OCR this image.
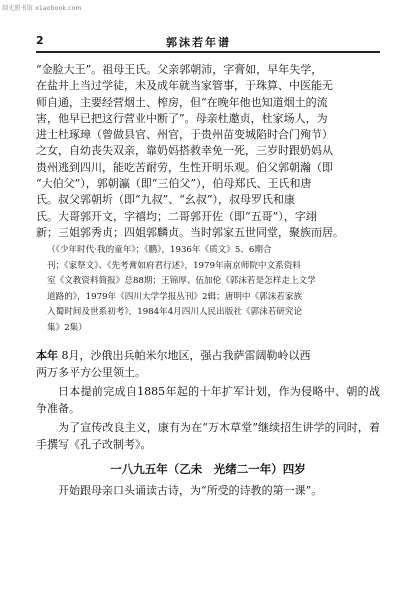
制光照书馆 x1aobook.com
2	郭沫若年谱

“金脸大王”。祖母王氏。父亲郭朝沛，字膏如，早年失学，

在盐井上当过学徒，未及成年就当家管事，于珠算、中医能无

师自通，主要经营烟土、榨房，但“在晚年他也知道烟土的流

害，他早已把这行营业中断了”。母亲杜邀贞，杜家场人，为

进士杜琢璋（曾做县官、州官，于贵州苗变城陷时合门殉节）

之女，自幼丧失双亲，靠奶妈搭救幸免一死，三岁时跟奶妈从

贵州逃到四川，能吃苦耐劳，生性开明乐观。伯父郭朝瀚（即

“大伯父”），郭朝瀛（即“三伯父”），伯母郑氏、王氏和唐

氏。叔父郭朝圻（即“九叔”、“幺叔”），叔母罗氏和康

氏。大哥郭开文，字禧均；二哥郭开佐（即“五哥”），字翊

新；三姐郭秀贞；四姐郭麟贞。当时郭家五世同堂，聚族而居。

（《少年时代·我的童年》；《鹏》，1936年《质文》5、6期合
刊；《家祭文》、《先考膏如府君行述》，1979年南京师院中文系资料
室《文教资料简报》总88期；王锦厚、伍加伦《郭沫若是怎样走上文学
道路的》，1979年《四川大学学报丛刊》2辑；唐明中《郭沫若家族
入蜀时间及世系初考》，1984年4月四川人民出版社《郭沫若研究论
集》2集）

本年 8月，沙俄出兵帕米尔地区，强占我萨雷阔勒岭以西
两万多平方公里领土。

日本提前完成自1885年起的十年扩军计划，作为侵略中、朝的战争准备。

为了宣传改良主义，康有为在“万木草堂”继续招生讲学的同时，着手撰写《孔子改制考》。

一八九五年（乙未　光绪二一年）四岁
开始跟母亲口头诵读古诗，为“所受的诗教的第一课”。
